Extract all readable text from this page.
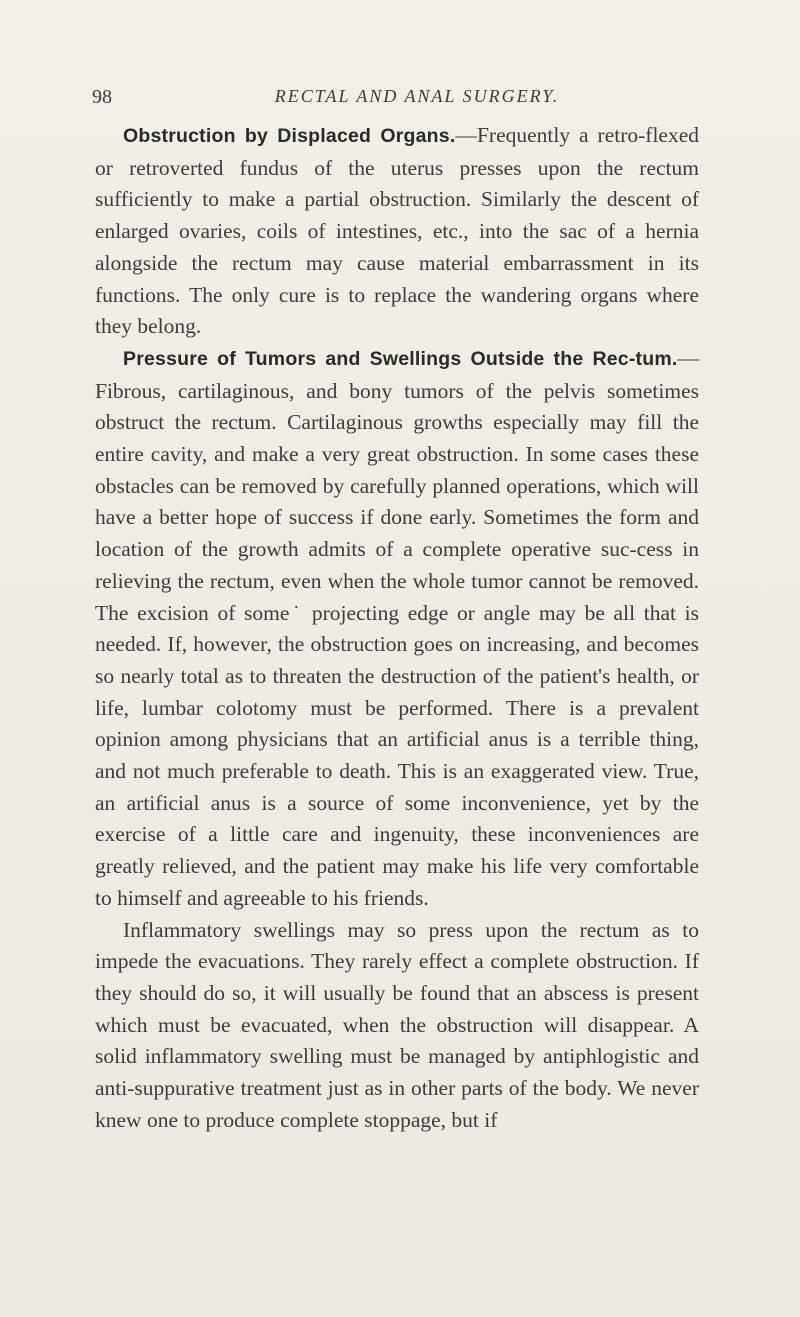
98	RECTAL AND ANAL SURGERY.

Obstruction by Displaced Organs.—Frequently a retro-flexed or retroverted fundus of the uterus presses upon the rectum sufficiently to make a partial obstruction. Similarly the descent of enlarged ovaries, coils of intestines, etc., into the sac of a hernia alongside the rectum may cause material embarrassment in its functions. The only cure is to replace the wandering organs where they belong.

Pressure of Tumors and Swellings Outside the Rec-tum.—Fibrous, cartilaginous, and bony tumors of the pelvis sometimes obstruct the rectum. Cartilaginous growths especially may fill the entire cavity, and make a very great obstruction. In some cases these obstacles can be removed by carefully planned operations, which will have a better hope of success if done early. Sometimes the form and location of the growth admits of a complete operative suc-cess in relieving the rectum, even when the whole tumor cannot be removed. The excision of some˙ projecting edge or angle may be all that is needed. If, however, the obstruction goes on increasing, and becomes so nearly total as to threaten the destruction of the patient's health, or life, lumbar colotomy must be performed. There is a prevalent opinion among physicians that an artificial anus is a terrible thing, and not much preferable to death. This is an exaggerated view. True, an artificial anus is a source of some inconvenience, yet by the exercise of a little care and ingenuity, these inconveniences are greatly relieved, and the patient may make his life very comfortable to himself and agreeable to his friends.

Inflammatory swellings may so press upon the rectum as to impede the evacuations. They rarely effect a complete obstruction. If they should do so, it will usually be found that an abscess is present which must be evacuated, when the obstruction will disappear. A solid inflammatory swelling must be managed by antiphlogistic and anti-suppurative treatment just as in other parts of the body. We never knew one to produce complete stoppage, but if
